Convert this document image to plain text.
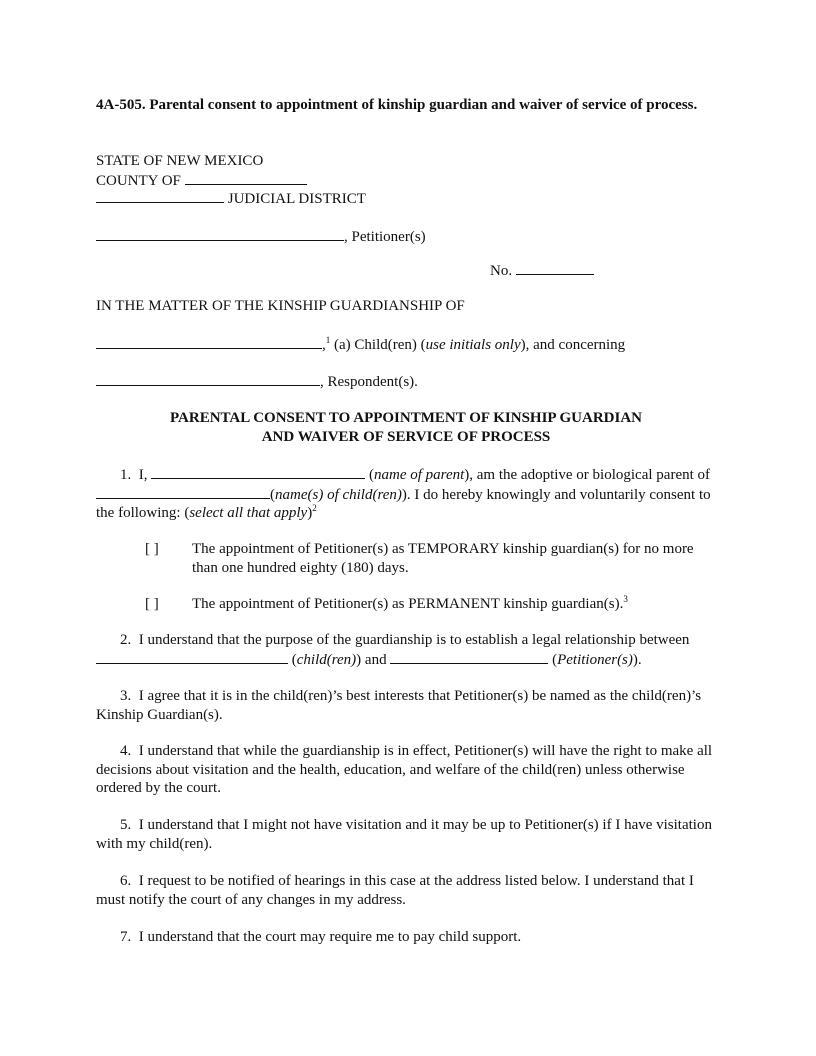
4A-505. Parental consent to appointment of kinship guardian and waiver of service of process.
STATE OF NEW MEXICO
COUNTY OF
JUDICIAL DISTRICT
, Petitioner(s)
No.
IN THE MATTER OF THE KINSHIP GUARDIANSHIP OF
,$^1$ (a) Child(ren) (use initials only), and concerning
, Respondent(s).
PARENTAL CONSENT TO APPOINTMENT OF KINSHIP GUARDIAN
AND WAIVER OF SERVICE OF PROCESS
1. I,	(name of parent), am the adoptive or biological parent of (name(s) of child(ren)). I do hereby knowingly and voluntarily consent to the following: (select all that apply)$^2$
[ ] The appointment of Petitioner(s) as TEMPORARY kinship guardian(s) for no more than one hundred eighty (180) days.
[ ] The appointment of Petitioner(s) as PERMANENT kinship guardian(s).$^3$
2. I understand that the purpose of the guardianship is to establish a legal relationship between  (child(ren)) and	(Petitioner(s)).
3. I agree that it is in the child(ren)’s best interests that Petitioner(s) be named as the child(ren)’s Kinship Guardian(s).
4. I understand that while the guardianship is in effect, Petitioner(s) will have the right to make all decisions about visitation and the health, education, and welfare of the child(ren) unless otherwise ordered by the court.
5. I understand that I might not have visitation and it may be up to Petitioner(s) if I have visitation with my child(ren).
6. I request to be notified of hearings in this case at the address listed below. I understand that I must notify the court of any changes in my address.
7. I understand that the court may require me to pay child support.
